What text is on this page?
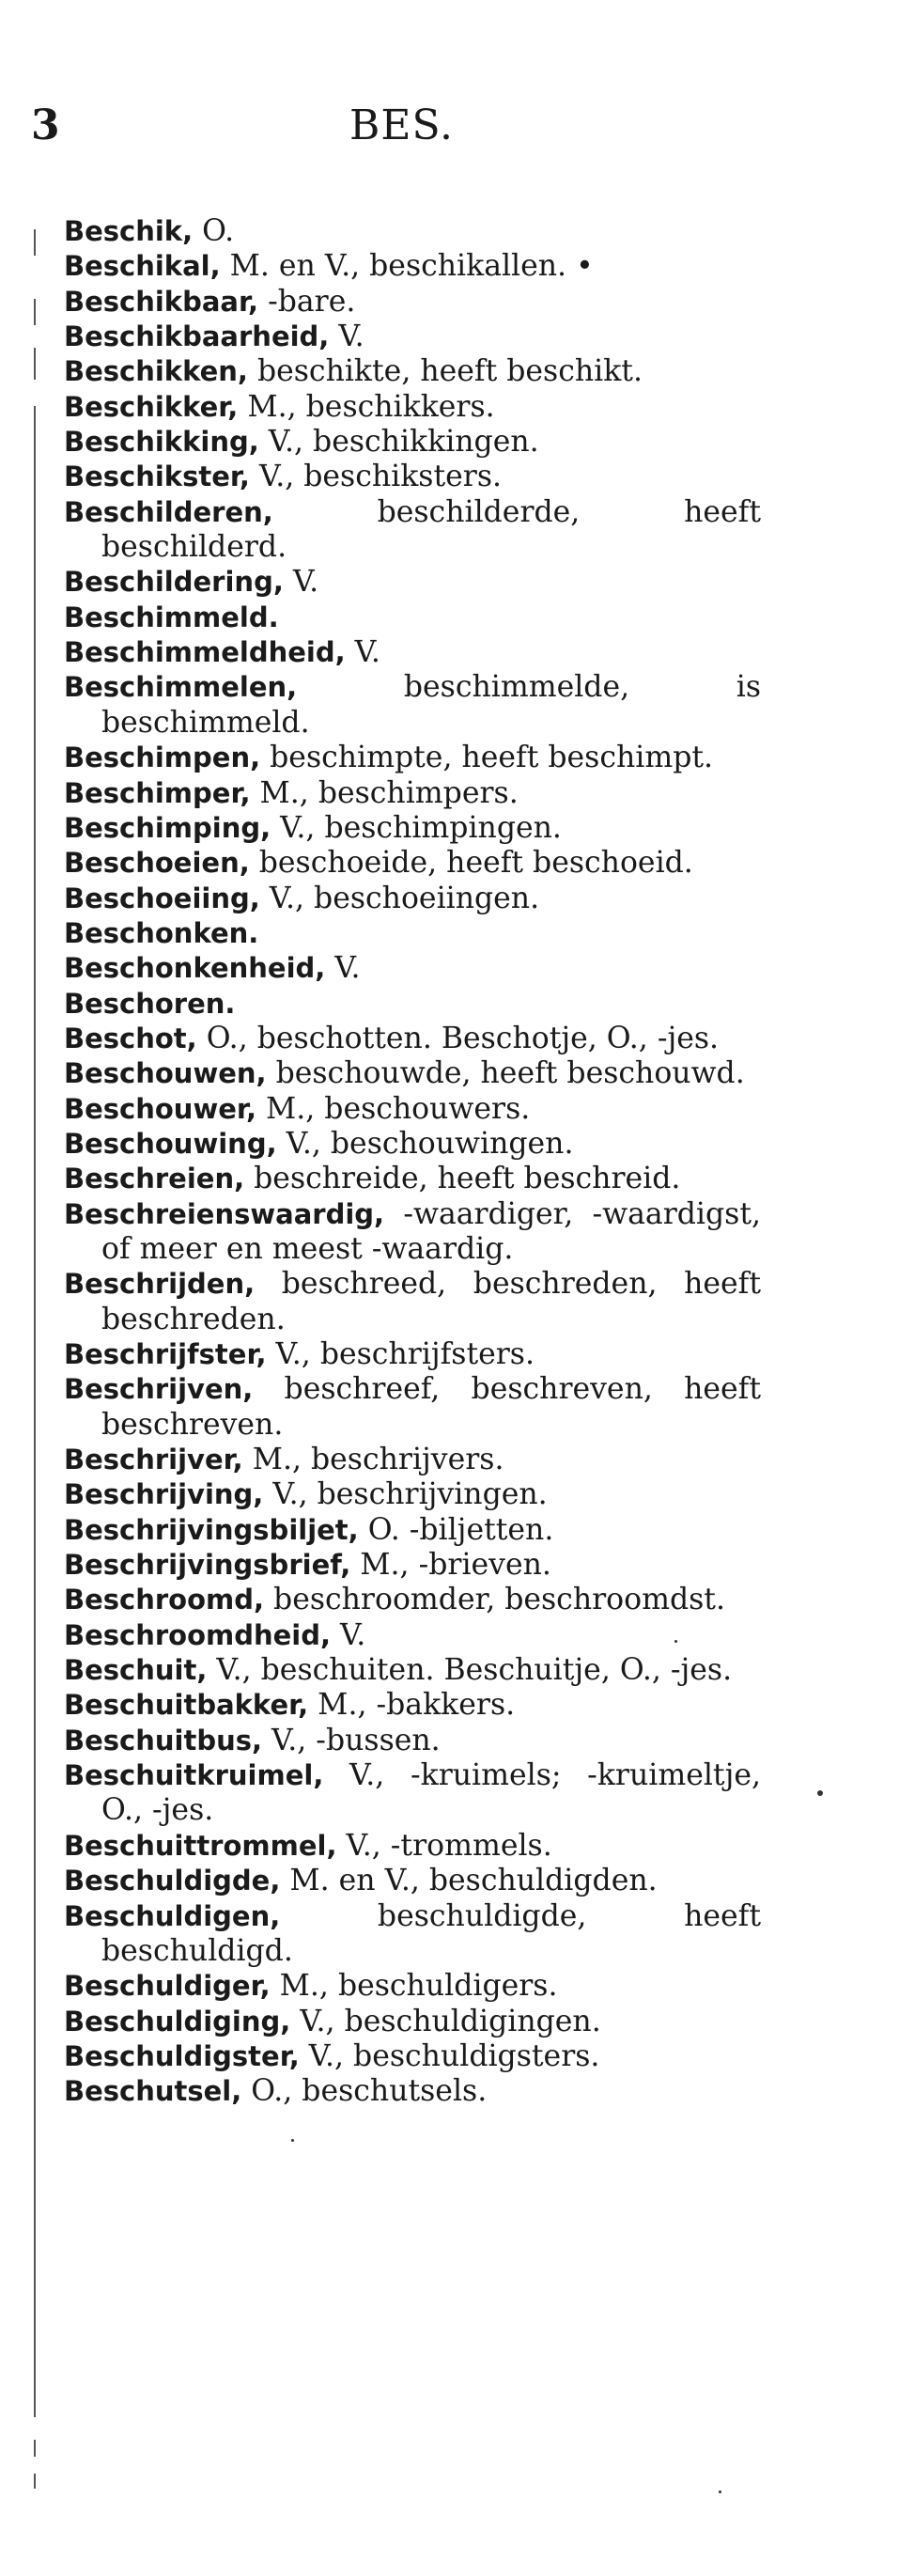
3	BES.
Beschik, O.
Beschikal, M. en V., beschikallen. •
Beschikbaar, -bare.
Beschikbaarheid, V.
Beschikken, beschikte, heeft beschikt.
Beschikker, M., beschikkers.
Beschikking, V., beschikkingen.
Beschikster, V., beschiksters.
Beschilderen, beschilderde, heeft beschilderd.
Beschildering, V.
Beschimmeld.
Beschimmeldheid, V.
Beschimmelen, beschimmelde, is beschimmeld.
Beschimpen, beschimpte, heeft beschimpt.
Beschimper, M., beschimpers.
Beschimping, V., beschimpingen.
Beschoeien, beschoeide, heeft beschoeid.
Beschoeiing, V., beschoeiingen.
Beschonken.
Beschonkenheid, V.
Beschoren.
Beschot, O., beschotten. Beschotje, O., -jes.
Beschouwen, beschouwde, heeft beschouwd.
Beschouwer, M., beschouwers.
Beschouwing, V., beschouwingen.
Beschreien, beschreide, heeft beschreid.
Beschreienswaardig, -waardiger, -waardigst, of meer en meest -waardig.
Beschrijden, beschreed, beschreden, heeft beschreden.
Beschrijfster, V., beschrijfsters.
Beschrijven, beschreef, beschreven, heeft beschreven.
Beschrijver, M., beschrijvers.
Beschrijving, V., beschrijvingen.
Beschrijvingsbiljet, O. -biljetten.
Beschrijvingsbrief, M., -brieven.
Beschroomd, beschroomder, beschroomdst.
Beschroomdheid, V.
Beschuit, V., beschuiten. Beschuitje, O., -jes.
Beschuitbakker, M., -bakkers.
Beschuitbus, V., -bussen.
Beschuitkruimel, V., -kruimels; -kruimeltje, O., -jes.
Beschuittrommel, V., -trommels.
Beschuldigde, M. en V., beschuldigden.
Beschuldigen, beschuldigde, heeft beschuldigd.
Beschuldiger, M., beschuldigers.
Beschuldiging, V., beschuldigingen.
Beschuldigster, V., beschuldigsters.
Beschutsel, O., beschutsels.
